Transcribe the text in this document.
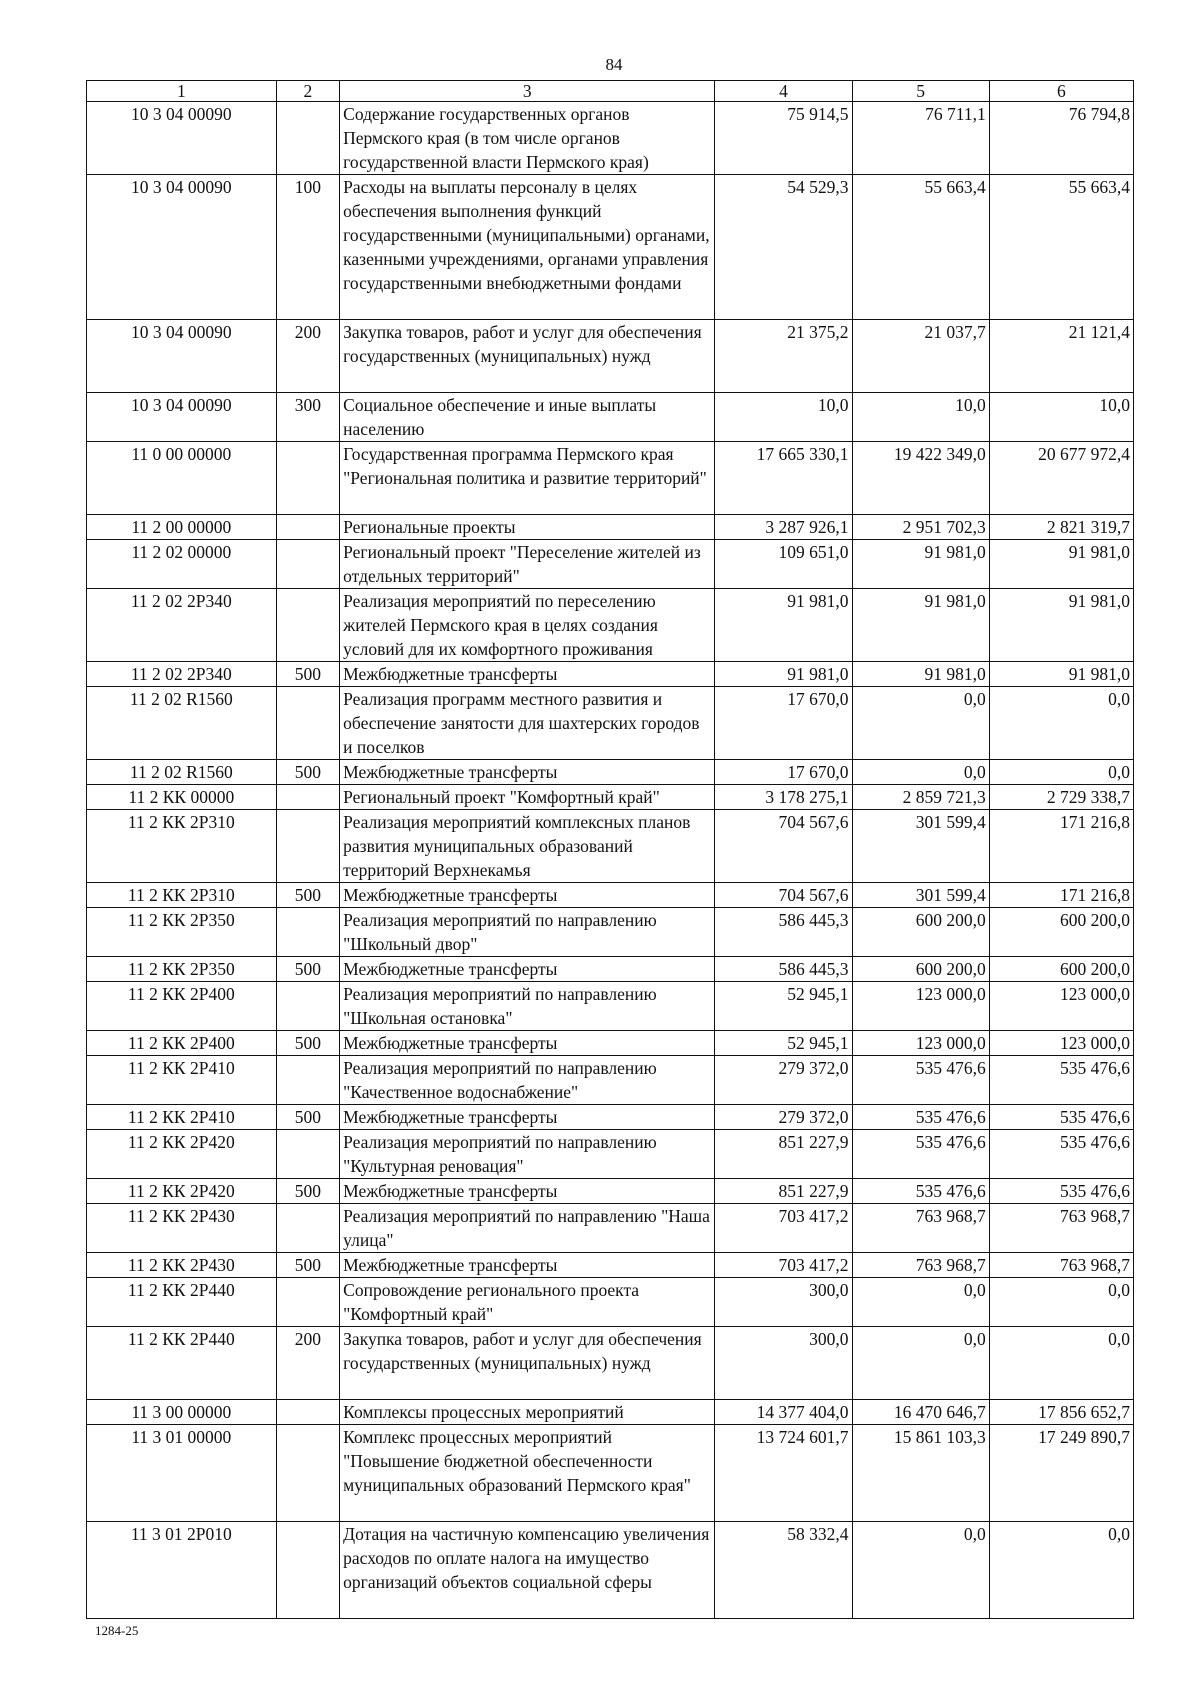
84
1	2	3	4	5	6
10 3 04 00090		Содержание государственных органов Пермского края (в том числе органов государственной власти Пермского края)	75 914,5	76 711,1	76 794,8
10 3 04 00090	100	Расходы на выплаты персоналу в целях обеспечения выполнения функций государственными (муниципальными) органами, казенными учреждениями, органами управления государственными внебюджетными фондами	54 529,3	55 663,4	55 663,4
10 3 04 00090	200	Закупка товаров, работ и услуг для обеспечения государственных (муниципальных) нужд	21 375,2	21 037,7	21 121,4
10 3 04 00090	300	Социальное обеспечение и иные выплаты населению	10,0	10,0	10,0
11 0 00 00000		Государственная программа Пермского края "Региональная политика и развитие территорий"	17 665 330,1	19 422 349,0	20 677 972,4
11 2 00 00000		Региональные проекты	3 287 926,1	2 951 702,3	2 821 319,7
11 2 02 00000		Региональный проект "Переселение жителей из отдельных территорий"	109 651,0	91 981,0	91 981,0
11 2 02 2P340		Реализация мероприятий по переселению жителей Пермского края в целях создания условий для их комфортного проживания	91 981,0	91 981,0	91 981,0
11 2 02 2P340	500	Межбюджетные трансферты	91 981,0	91 981,0	91 981,0
11 2 02 R1560		Реализация программ местного развития и обеспечение занятости для шахтерских городов и поселков	17 670,0	0,0	0,0
11 2 02 R1560	500	Межбюджетные трансферты	17 670,0	0,0	0,0
11 2 КК 00000		Региональный проект "Комфортный край"	3 178 275,1	2 859 721,3	2 729 338,7
11 2 КК 2P310		Реализация мероприятий комплексных планов развития муниципальных образований территорий Верхнекамья	704 567,6	301 599,4	171 216,8
11 2 КК 2P310	500	Межбюджетные трансферты	704 567,6	301 599,4	171 216,8
11 2 КК 2P350		Реализация мероприятий по направлению "Школьный двор"	586 445,3	600 200,0	600 200,0
11 2 КК 2P350	500	Межбюджетные трансферты	586 445,3	600 200,0	600 200,0
11 2 КК 2P400		Реализация мероприятий по направлению "Школьная остановка"	52 945,1	123 000,0	123 000,0
11 2 КК 2P400	500	Межбюджетные трансферты	52 945,1	123 000,0	123 000,0
11 2 КК 2P410		Реализация мероприятий по направлению "Качественное водоснабжение"	279 372,0	535 476,6	535 476,6
11 2 КК 2P410	500	Межбюджетные трансферты	279 372,0	535 476,6	535 476,6
11 2 КК 2P420		Реализация мероприятий по направлению "Культурная реновация"	851 227,9	535 476,6	535 476,6
11 2 КК 2P420	500	Межбюджетные трансферты	851 227,9	535 476,6	535 476,6
11 2 КК 2P430		Реализация мероприятий по направлению "Наша улица"	703 417,2	763 968,7	763 968,7
11 2 КК 2P430	500	Межбюджетные трансферты	703 417,2	763 968,7	763 968,7
11 2 КК 2P440		Сопровождение регионального проекта "Комфортный край"	300,0	0,0	0,0
11 2 КК 2P440	200	Закупка товаров, работ и услуг для обеспечения государственных (муниципальных) нужд	300,0	0,0	0,0
11 3 00 00000		Комплексы процессных мероприятий	14 377 404,0	16 470 646,7	17 856 652,7
11 3 01 00000		Комплекс процессных мероприятий "Повышение бюджетной обеспеченности муниципальных образований Пермского края"	13 724 601,7	15 861 103,3	17 249 890,7
11 3 01 2P010		Дотация на частичную компенсацию увеличения расходов по оплате налога на имущество организаций объектов социальной сферы	58 332,4	0,0	0,0
1284-25
